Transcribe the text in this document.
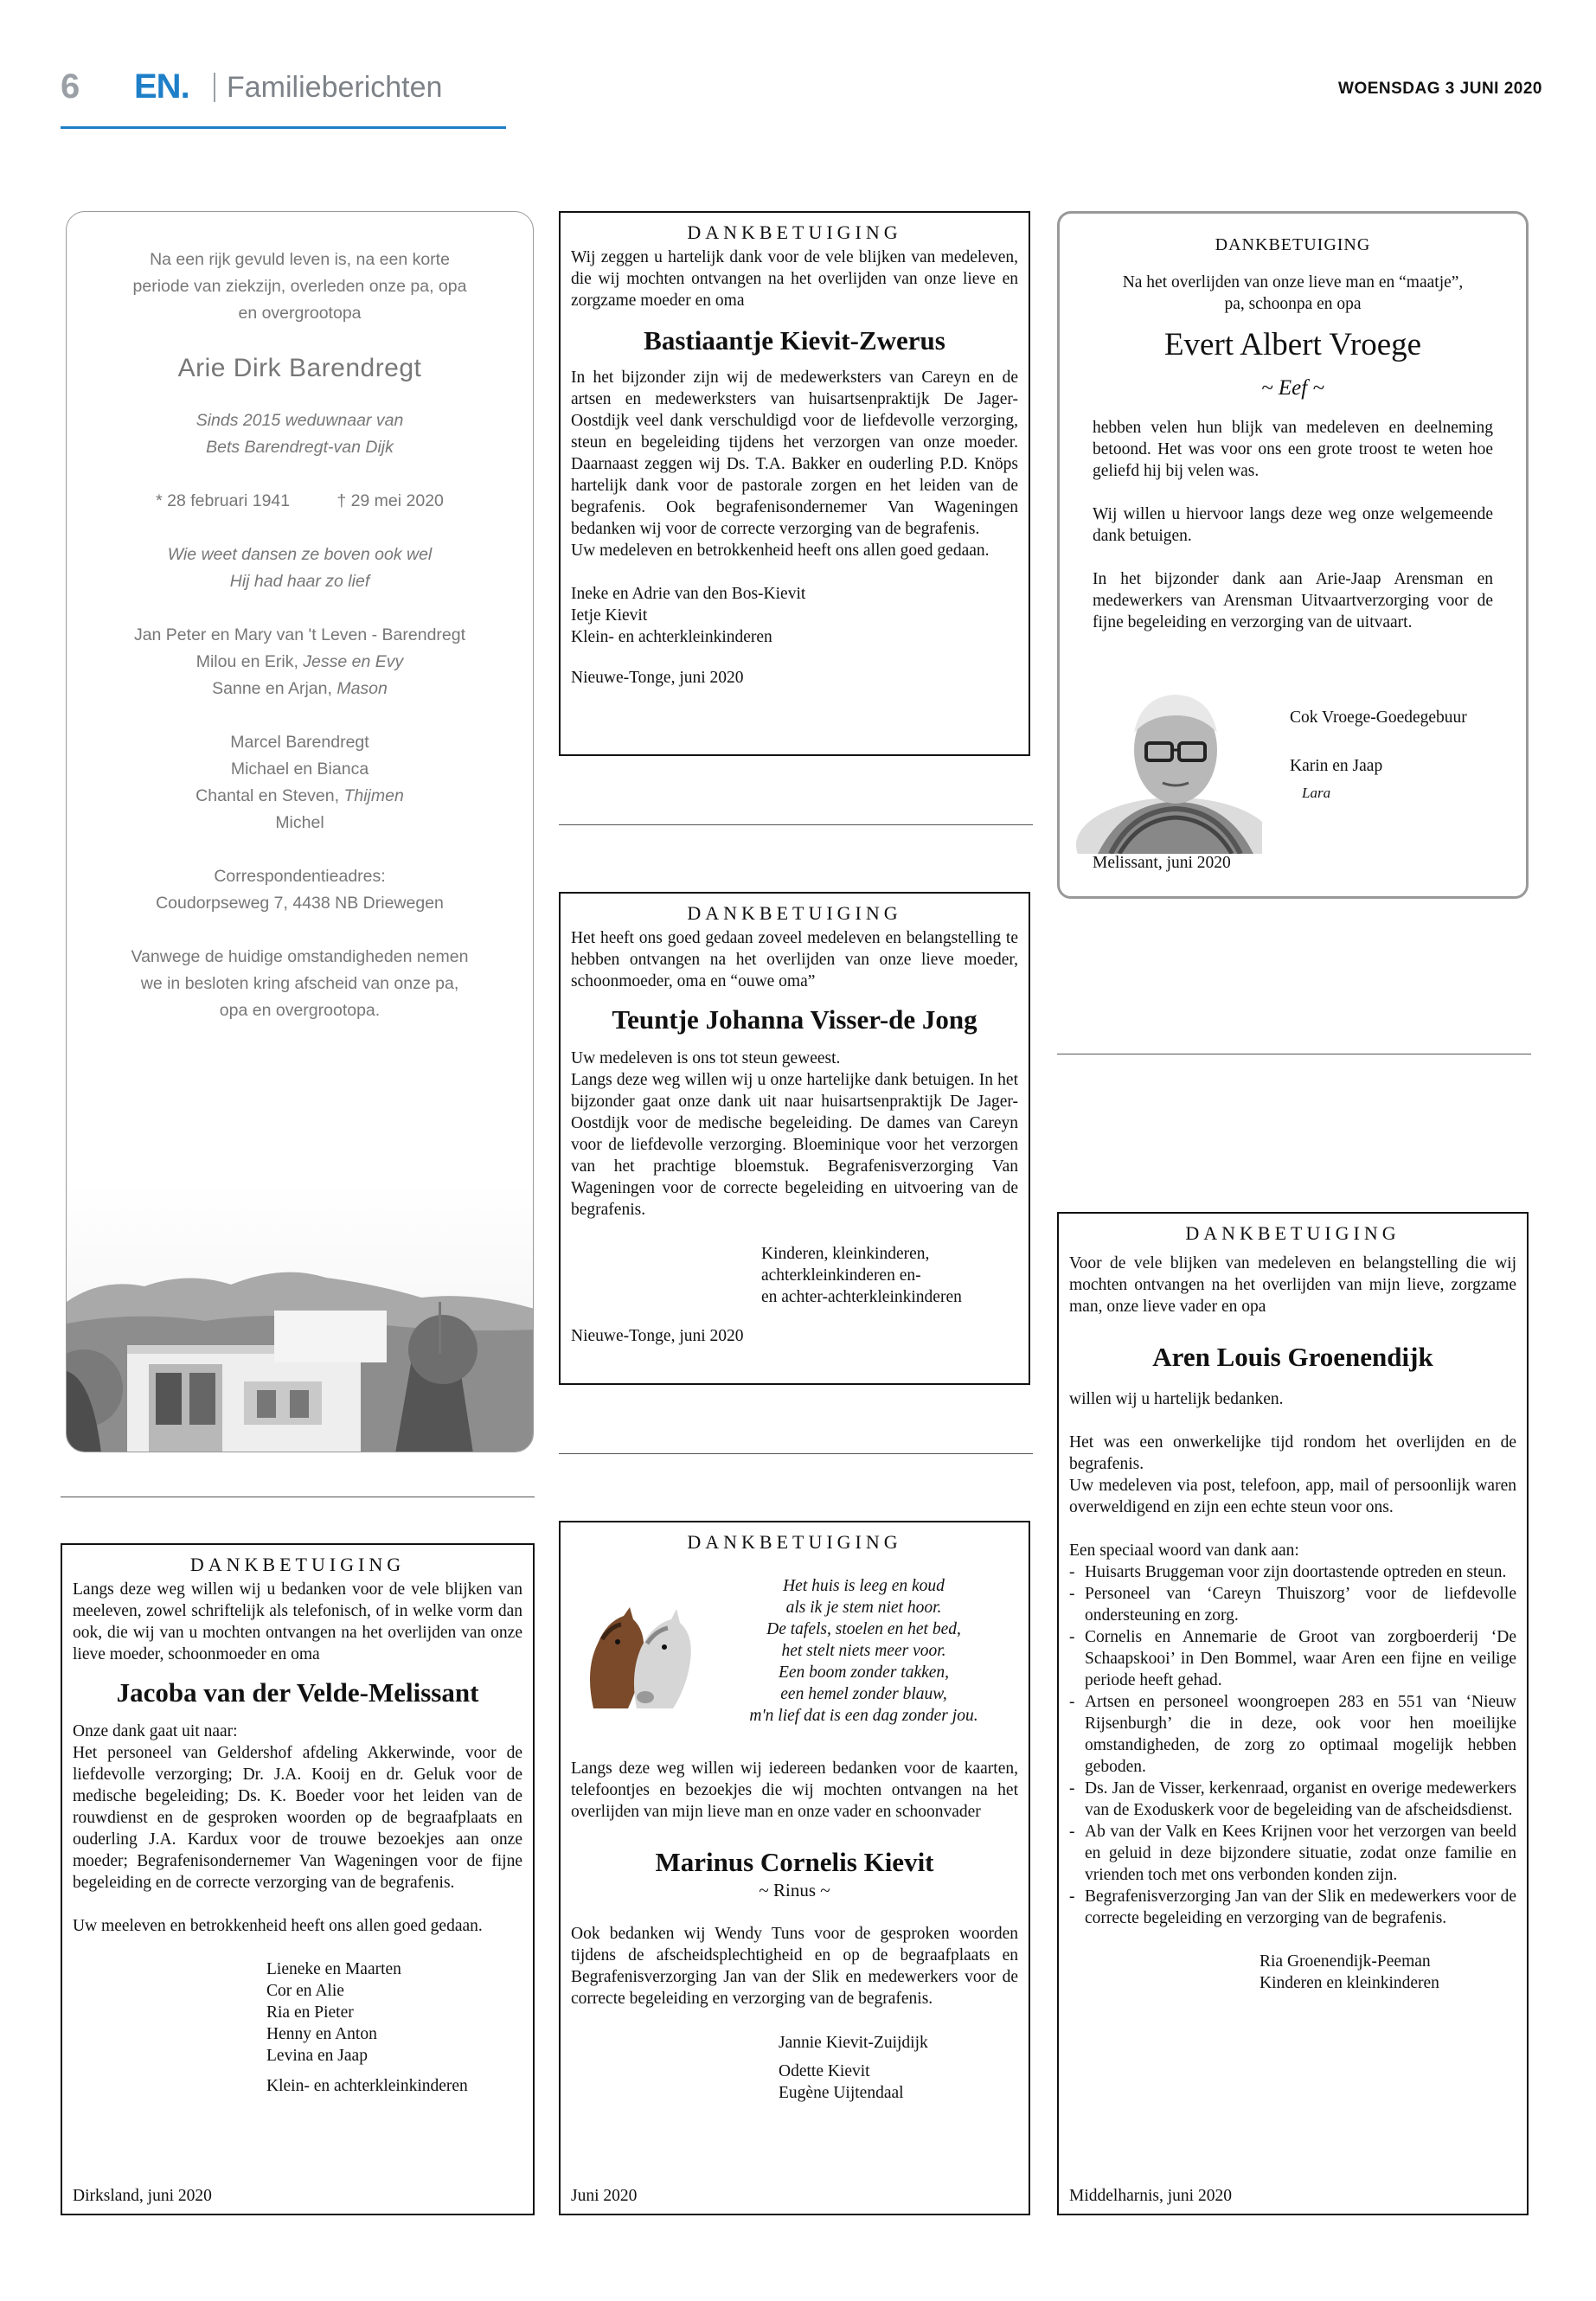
6 EN. Familieberichten	WOENSDAG 3 JUNI 2020

Na een rijk gevuld leven is, na een korte

periode van ziekzijn, overleden onze pa, opa

en overgrootopa

Arie Dirk Barendregt

Sinds 2015 weduwnaar van

Bets Barendregt-van Dijk

* 28 februari 1941	† 29 mei 2020

Wie weet dansen ze boven ook wel

Hij had haar zo lief

Jan Peter en Mary van 't Leven - Barendregt

Milou en Erik, Jesse en Evy

Sanne en Arjan, Mason

Marcel Barendregt

Michael en Bianca

Chantal en Steven, Thijmen

Michel

Correspondentieadres:

Coudorpseweg 7, 4438 NB Driewegen

Vanwege de huidige omstandigheden nemen

we in besloten kring afscheid van onze pa,

opa en overgrootopa.

DANKBETUIGING

Wij zeggen u hartelijk dank voor de vele blijken van medeleven, die wij mochten ontvangen na het overlijden van onze lieve en zorgzame moeder en oma

Bastiaantje Kievit-Zwerus

In het bijzonder zijn wij de medewerksters van Careyn en de artsen en medewerksters van huisartsenpraktijk De Jager- Oostdijk veel dank verschuldigd voor de liefdevolle verzorging, steun en begeleiding tijdens het verzorgen van onze moeder. Daarnaast zeggen wij Ds. T.A. Bakker en ouderling P.D. Knöps hartelijk dank voor de pastorale zorgen en het leiden van de begrafenis. Ook begrafenisondernemer Van Wageningen bedanken wij voor de correcte verzorging van de begrafenis.

Uw medeleven en betrokkenheid heeft ons allen goed gedaan.

Ineke en Adrie van den Bos-Kievit

Ietje Kievit

Klein- en achterkleinkinderen

Nieuwe-Tonge, juni 2020

DANKBETUIGING

Na het overlijden van onze lieve man en “maatje”,

pa, schoonpa en opa

Evert Albert Vroege
~ Eef ~

hebben velen hun blijk van medeleven en deelneming betoond. Het was voor ons een grote troost te weten hoe geliefd hij bij velen was.

Wij willen u hiervoor langs deze weg onze welgemeende dank betuigen.

In het bijzonder dank aan Arie-Jaap Arensman en medewerkers van Arensman Uitvaartverzorging voor de fijne begeleiding en verzorging van de uitvaart.

Cok Vroege-Goedegebuur

Karin en Jaap

Lara

Melissant, juni 2020

DANKBETUIGING

Het heeft ons goed gedaan zoveel medeleven en belangstelling te hebben ontvangen na het overlijden van onze lieve moeder, schoonmoeder, oma en “ouwe oma”

Teuntje Johanna Visser-de Jong

Uw medeleven is ons tot steun geweest.

Langs deze weg willen wij u onze hartelijke dank betuigen. In het bijzonder gaat onze dank uit naar huisartsenpraktijk De Jager- Oostdijk voor de medische begeleiding. De dames van Careyn voor de liefdevolle verzorging. Bloeminique voor het verzorgen van het prachtige bloemstuk. Begrafenisverzorging Van Wageningen voor de correcte begeleiding en uitvoering van de begrafenis.

Kinderen, kleinkinderen,

achterkleinkinderen en-

en achter-achterkleinkinderen

Nieuwe-Tonge, juni 2020

DANKBETUIGING

Voor de vele blijken van medeleven en belangstelling die wij mochten ontvangen na het overlijden van mijn lieve, zorgzame man, onze lieve vader en opa

Aren Louis Groenendijk

willen wij u hartelijk bedanken.

Het was een onwerkelijke tijd rondom het overlijden en de begrafenis.

Uw medeleven via post, telefoon, app, mail of persoonlijk waren overweldigend en zijn een echte steun voor ons.

Een speciaal woord van dank aan:

- Huisarts Bruggeman voor zijn doortastende optreden en steun.
- Personeel van ‘Careyn Thuiszorg’ voor de liefdevolle ondersteuning en zorg.
- Cornelis en Annemarie de Groot van zorgboerderij ‘De Schaapskooi’ in Den Bommel, waar Aren een fijne en veilige periode heeft gehad.
- Artsen en personeel woongroepen 283 en 551 van ‘Nieuw Rijsenburgh’ die in deze, ook voor hen moeilijke omstandigheden, de zorg zo optimaal mogelijk hebben geboden.
- Ds. Jan de Visser, kerkenraad, organist en overige medewerkers van de Exoduskerk voor de begeleiding van de afscheidsdienst.
- Ab van der Valk en Kees Krijnen voor het verzorgen van beeld en geluid in deze bijzondere situatie, zodat onze familie en vrienden toch met ons verbonden konden zijn.
- Begrafenisverzorging Jan van der Slik en medewerkers voor de correcte begeleiding en verzorging van de begrafenis.

Ria Groenendijk-Peeman

Kinderen en kleinkinderen

Middelharnis, juni 2020

DANKBETUIGING

Langs deze weg willen wij u bedanken voor de vele blijken van meeleven, zowel schriftelijk als telefonisch, of in welke vorm dan ook, die wij van u mochten ontvangen na het overlijden van onze lieve moeder, schoonmoeder en oma

Jacoba van der Velde-Melissant

Onze dank gaat uit naar:

Het personeel van Geldershof afdeling Akkerwinde, voor de liefdevolle verzorging; Dr. J.A. Kooij en dr. Geluk voor de medische begeleiding; Ds. K. Boeder voor het leiden van de rouwdienst en de gesproken woorden op de begraafplaats en ouderling J.A. Kardux voor de trouwe bezoekjes aan onze moeder; Begrafenisondernemer Van Wageningen voor de fijne begeleiding en de correcte verzorging van de begrafenis.

Uw meeleven en betrokkenheid heeft ons allen goed gedaan.

Lieneke en Maarten

Cor en Alie

Ria en Pieter

Henny en Anton

Levina en Jaap

Klein- en achterkleinkinderen

Dirksland, juni 2020

DANKBETUIGING

Het huis is leeg en koud

als ik je stem niet hoor.

De tafels, stoelen en het bed,

het stelt niets meer voor.

Een boom zonder takken,

een hemel zonder blauw,

m'n lief dat is een dag zonder jou.

Langs deze weg willen wij iedereen bedanken voor de kaarten, telefoontjes en bezoekjes die wij mochten ontvangen na het overlijden van mijn lieve man en onze vader en schoonvader

Marinus Cornelis Kievit
~ Rinus ~

Ook bedanken wij Wendy Tuns voor de gesproken woorden tijdens de afscheidsplechtigheid en op de begraafplaats en Begrafenisverzorging Jan van der Slik en medewerkers voor de correcte begeleiding en verzorging van de begrafenis.

Jannie Kievit-Zuijdijk

Odette Kievit

Eugène Uijtendaal

Juni 2020
